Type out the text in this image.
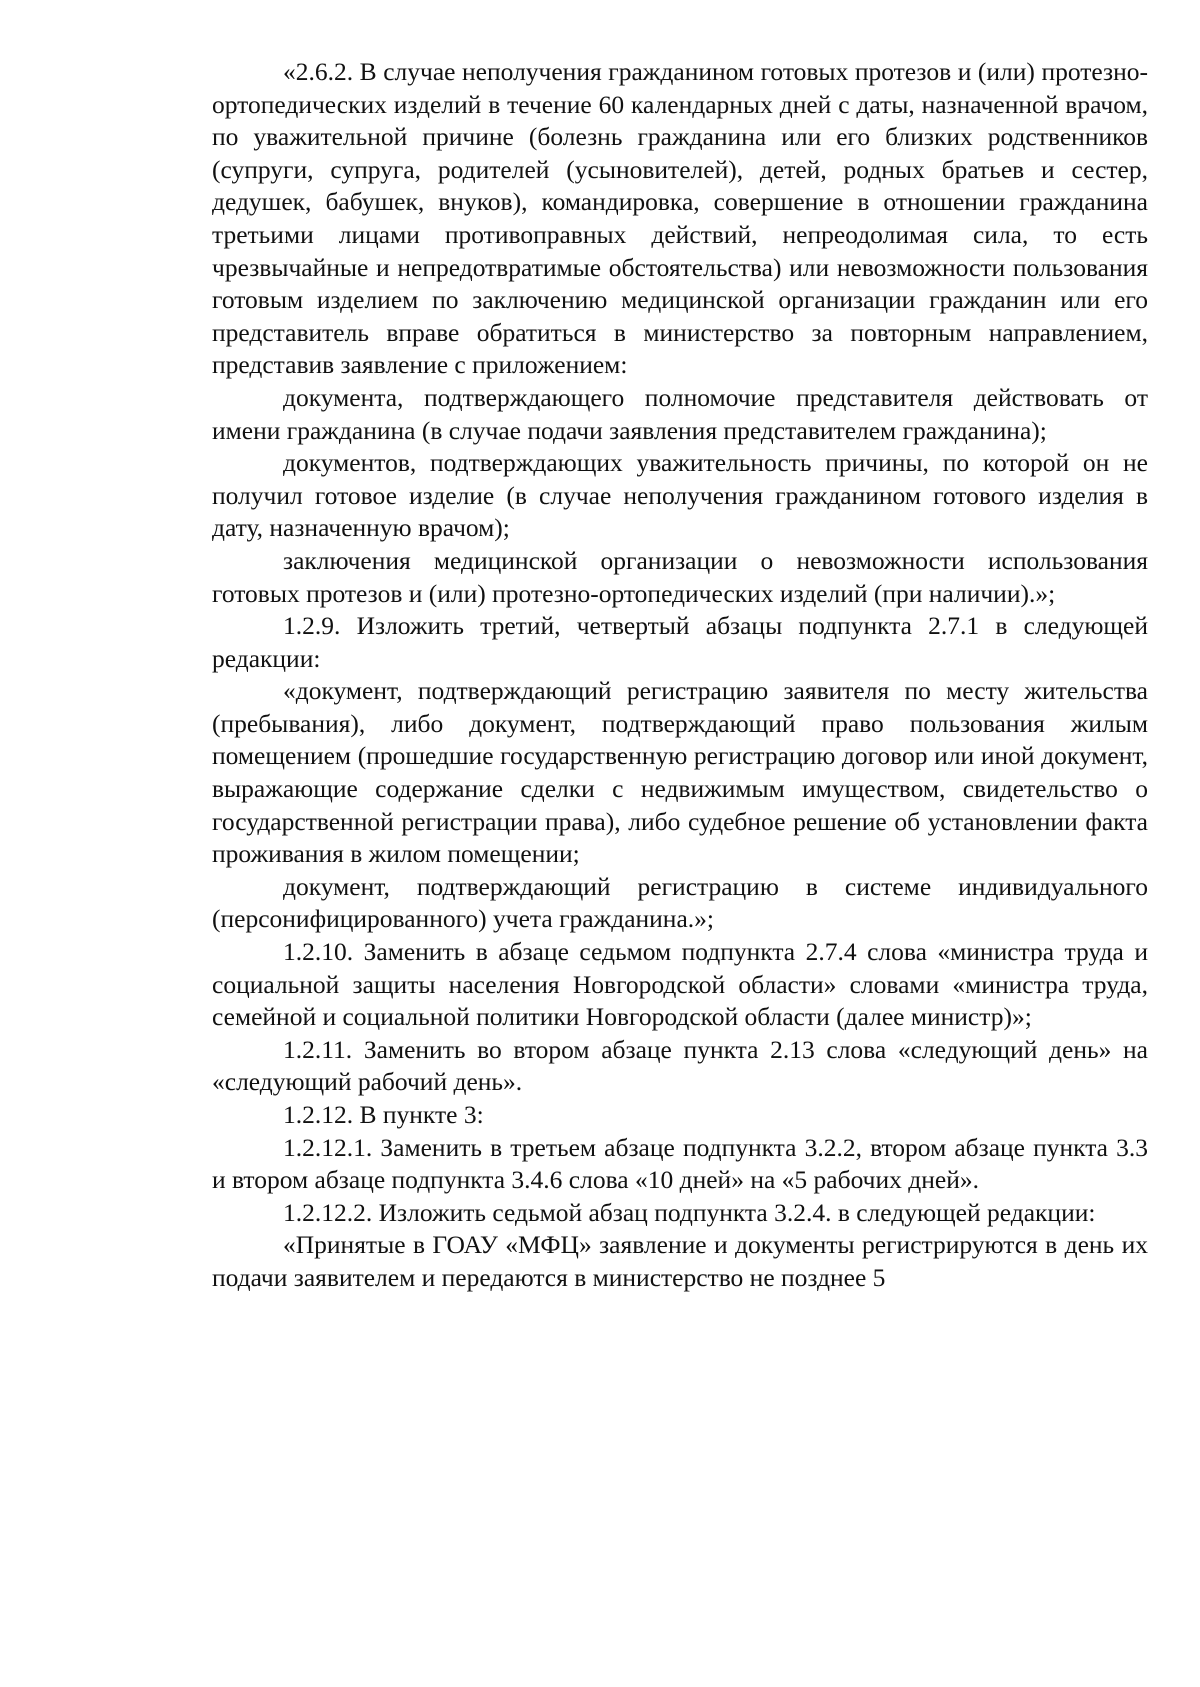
«2.6.2. В случае неполучения гражданином готовых протезов и (или) протезно-ортопедических изделий в течение 60 календарных дней с даты, назначенной врачом, по уважительной причине (болезнь гражданина или его близких родственников (супруги, супруга, родителей (усыновителей), детей, родных братьев и сестер, дедушек, бабушек, внуков), командировка, совершение в отношении гражданина третьими лицами противоправных действий, непреодолимая сила, то есть чрезвычайные и непредотвратимые обстоятельства) или невозможности пользования готовым изделием по заключению медицинской организации гражданин или его представитель вправе обратиться в министерство за повторным направлением, представив заявление с приложением:

документа, подтверждающего полномочие представителя действовать от имени гражданина (в случае подачи заявления представителем гражданина);

документов, подтверждающих уважительность причины, по которой он не получил готовое изделие (в случае неполучения гражданином готового изделия в дату, назначенную врачом);

заключения медицинской организации о невозможности использования готовых протезов и (или) протезно-ортопедических изделий (при наличии).»;

1.2.9. Изложить третий, четвертый абзацы подпункта 2.7.1 в следующей редакции:

«документ, подтверждающий регистрацию заявителя по месту жительства (пребывания), либо документ, подтверждающий право пользования жилым помещением (прошедшие государственную регистрацию договор или иной документ, выражающие содержание сделки с недвижимым имуществом, свидетельство о государственной регистрации права), либо судебное решение об установлении факта проживания в жилом помещении;

документ, подтверждающий регистрацию в системе индивидуального (персонифицированного) учета гражданина.»;

1.2.10. Заменить в абзаце седьмом подпункта 2.7.4 слова «министра труда и социальной защиты населения Новгородской области» словами «министра труда, семейной и социальной политики Новгородской области (далее министр)»;

1.2.11. Заменить во втором абзаце пункта 2.13 слова «следующий день» на «следующий рабочий день».

1.2.12. В пункте 3:

1.2.12.1. Заменить в третьем абзаце подпункта 3.2.2, втором абзаце пункта 3.3 и втором абзаце подпункта 3.4.6 слова «10 дней» на «5 рабочих дней».

1.2.12.2. Изложить седьмой абзац подпункта 3.2.4. в следующей редакции:

«Принятые в ГОАУ «МФЦ» заявление и документы регистрируются в день их подачи заявителем и передаются в министерство не позднее 5
